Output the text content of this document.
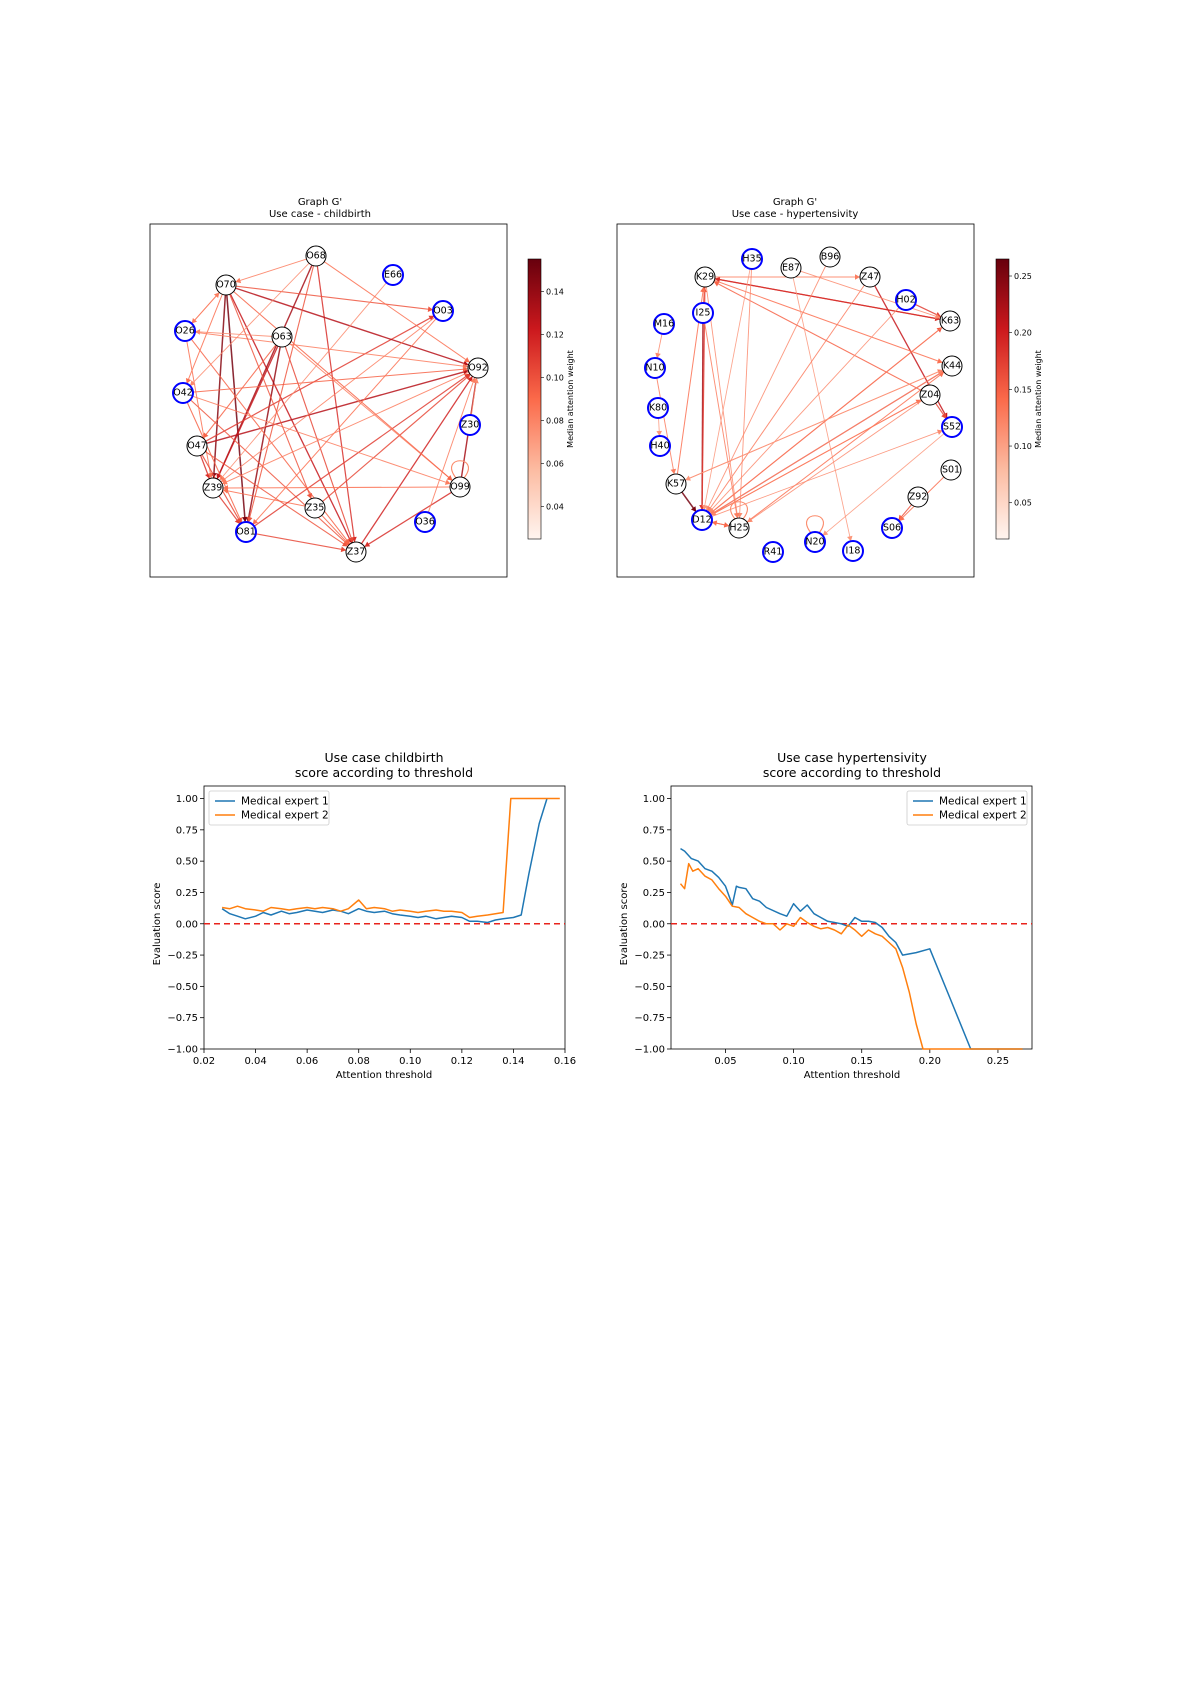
Graph G'
Use case - childbirth
O68
E66
O03
O92
Z30
O99
O36
Z37
Z35
O81
Z39
O47
O42
O26
O70
O63
0.04
0.06
0.08
0.10
0.12
0.14
Median attention weight
Graph G'
Use case - hypertensivity
H35
E87
B96
Z47
H02
K63
K44
Z04
S52
S01
Z92
S06
I18
N20
R41
H25
D12
K57
H40
K80
N10
M16
I25
K29
0.05
0.10
0.15
0.20
0.25
Median attention weight
Use case childbirth
score according to threshold
−1.00
−0.75
−0.50
−0.25
0.00
0.25
0.50
0.75
1.00
0.02	0.04	0.06	0.08	0.10	0.12	0.14	0.16
Medical expert 1
Medical expert 2
Attention threshold
Evaluation score
Use case hypertensivity
score according to threshold
−1.00
−0.75
−0.50
−0.25
0.00
0.25
0.50
0.75
1.00
0.05	0.10	0.15	0.20	0.25
Medical expert 1
Medical expert 2
Attention threshold
Evaluation score
